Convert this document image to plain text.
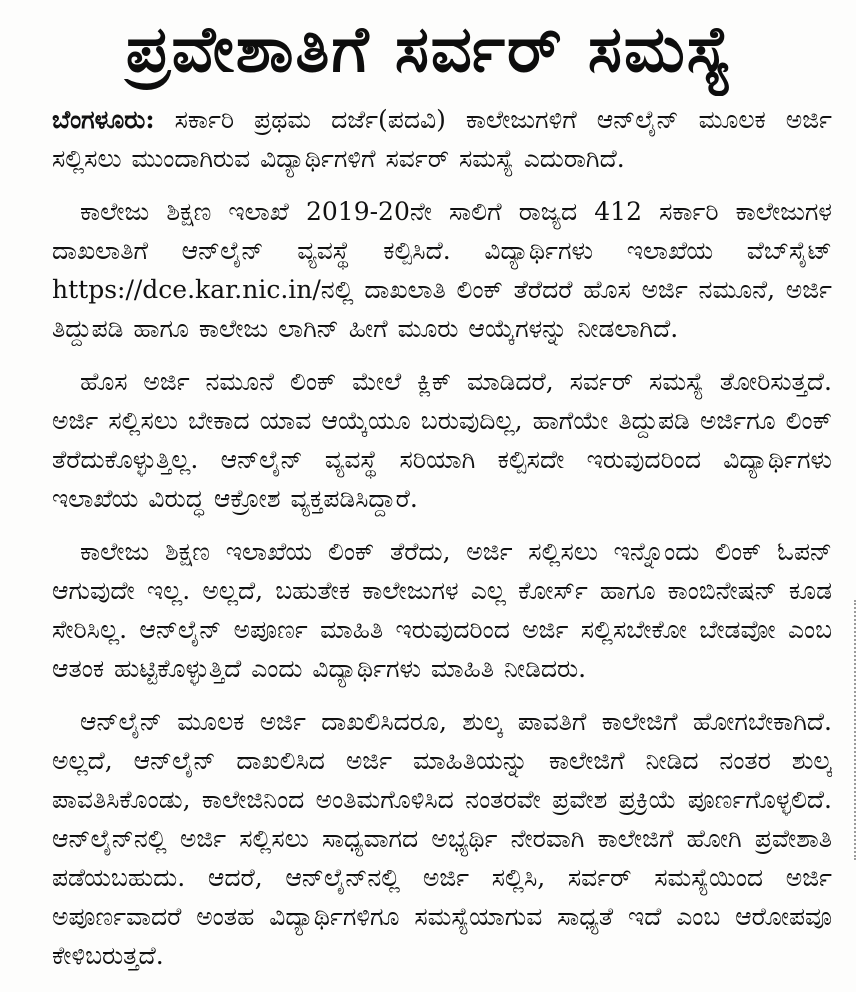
ಪ್ರವೇಶಾತಿಗೆ ಸರ್ವರ್ ಸಮಸ್ಯೆ

ಬೆಂಗಳೂರು: ಸರ್ಕಾರಿ ಪ್ರಥಮ ದರ್ಜೆ(ಪದವಿ) ಕಾಲೇಜುಗಳಿಗೆ ಆನ್‌ಲೈನ್ ಮೂಲಕ ಅರ್ಜಿ ಸಲ್ಲಿಸಲು ಮುಂದಾಗಿರುವ ವಿದ್ಯಾರ್ಥಿಗಳಿಗೆ ಸರ್ವರ್ ಸಮಸ್ಯೆ ಎದುರಾಗಿದೆ.

ಕಾಲೇಜು ಶಿಕ್ಷಣ ಇಲಾಖೆ 2019-20ನೇ ಸಾಲಿಗೆ ರಾಜ್ಯದ 412 ಸರ್ಕಾರಿ ಕಾಲೇಜುಗಳ ದಾಖಲಾತಿಗೆ ಆನ್‌ಲೈನ್ ವ್ಯವಸ್ಥೆ ಕಲ್ಪಿಸಿದೆ. ವಿದ್ಯಾರ್ಥಿಗಳು ಇಲಾಖೆಯ ವೆಬ್‌ಸೈಟ್ https://dce.kar.nic.in/ನಲ್ಲಿ ದಾಖಲಾತಿ ಲಿಂಕ್ ತೆರೆದರೆ ಹೊಸ ಅರ್ಜಿ ನಮೂನೆ, ಅರ್ಜಿ ತಿದ್ದುಪಡಿ ಹಾಗೂ ಕಾಲೇಜು ಲಾಗಿನ್ ಹೀಗೆ ಮೂರು ಆಯ್ಕೆಗಳನ್ನು ನೀಡಲಾಗಿದೆ.

ಹೊಸ ಅರ್ಜಿ ನಮೂನೆ ಲಿಂಕ್ ಮೇಲೆ ಕ್ಲಿಕ್ ಮಾಡಿದರೆ, ಸರ್ವರ್ ಸಮಸ್ಯೆ ತೋರಿಸುತ್ತದೆ. ಅರ್ಜಿ ಸಲ್ಲಿಸಲು ಬೇಕಾದ ಯಾವ ಆಯ್ಕೆಯೂ ಬರುವುದಿಲ್ಲ, ಹಾಗೆಯೇ ತಿದ್ದುಪಡಿ ಅರ್ಜಿಗೂ ಲಿಂಕ್ ತೆರೆದುಕೊಳ್ಳುತ್ತಿಲ್ಲ. ಆನ್‌ಲೈನ್ ವ್ಯವಸ್ಥೆ ಸರಿಯಾಗಿ ಕಲ್ಪಿಸದೇ ಇರುವುದರಿಂದ ವಿದ್ಯಾರ್ಥಿಗಳು ಇಲಾಖೆಯ ವಿರುದ್ಧ ಆಕ್ರೋಶ ವ್ಯಕ್ತಪಡಿಸಿದ್ದಾರೆ.

ಕಾಲೇಜು ಶಿಕ್ಷಣ ಇಲಾಖೆಯ ಲಿಂಕ್ ತೆರೆದು, ಅರ್ಜಿ ಸಲ್ಲಿಸಲು ಇನ್ನೊಂದು ಲಿಂಕ್ ಓಪನ್ ಆಗುವುದೇ ಇಲ್ಲ. ಅಲ್ಲದೆ, ಬಹುತೇಕ ಕಾಲೇಜುಗಳ ಎಲ್ಲ ಕೋರ್ಸ್ ಹಾಗೂ ಕಾಂಬಿನೇಷನ್ ಕೂಡ ಸೇರಿಸಿಲ್ಲ. ಆನ್‌ಲೈನ್ ಅಪೂರ್ಣ ಮಾಹಿತಿ ಇರುವುದರಿಂದ ಅರ್ಜಿ ಸಲ್ಲಿಸಬೇಕೋ ಬೇಡವೋ ಎಂಬ ಆತಂಕ ಹುಟ್ಟಿಕೊಳ್ಳುತ್ತಿದೆ ಎಂದು ವಿದ್ಯಾರ್ಥಿಗಳು ಮಾಹಿತಿ ನೀಡಿದರು.

ಆನ್‌ಲೈನ್ ಮೂಲಕ ಅರ್ಜಿ ದಾಖಲಿಸಿದರೂ, ಶುಲ್ಕ ಪಾವತಿಗೆ ಕಾಲೇಜಿಗೆ ಹೋಗಬೇಕಾಗಿದೆ. ಅಲ್ಲದೆ, ಆನ್‌ಲೈನ್ ದಾಖಲಿಸಿದ ಅರ್ಜಿ ಮಾಹಿತಿಯನ್ನು ಕಾಲೇಜಿಗೆ ನೀಡಿದ ನಂತರ ಶುಲ್ಕ ಪಾವತಿಸಿಕೊಂಡು, ಕಾಲೇಜಿನಿಂದ ಅಂತಿಮಗೊಳಿಸಿದ ನಂತರವೇ ಪ್ರವೇಶ ಪ್ರಕ್ರಿಯೆ ಪೂರ್ಣಗೊಳ್ಳಲಿದೆ. ಆನ್‌ಲೈನ್‌ನಲ್ಲಿ ಅರ್ಜಿ ಸಲ್ಲಿಸಲು ಸಾಧ್ಯವಾಗದ ಅಭ್ಯರ್ಥಿ ನೇರವಾಗಿ ಕಾಲೇಜಿಗೆ ಹೋಗಿ ಪ್ರವೇಶಾತಿ ಪಡೆಯಬಹುದು. ಆದರೆ, ಆನ್‌ಲೈನ್‌ನಲ್ಲಿ ಅರ್ಜಿ ಸಲ್ಲಿಸಿ, ಸರ್ವರ್ ಸಮಸ್ಯೆಯಿಂದ ಅರ್ಜಿ ಅಪೂರ್ಣವಾದರೆ ಅಂತಹ ವಿದ್ಯಾರ್ಥಿಗಳಿಗೂ ಸಮಸ್ಯೆಯಾಗುವ ಸಾಧ್ಯತೆ ಇದೆ ಎಂಬ ಆರೋಪವೂ ಕೇಳಿಬರುತ್ತದೆ.
